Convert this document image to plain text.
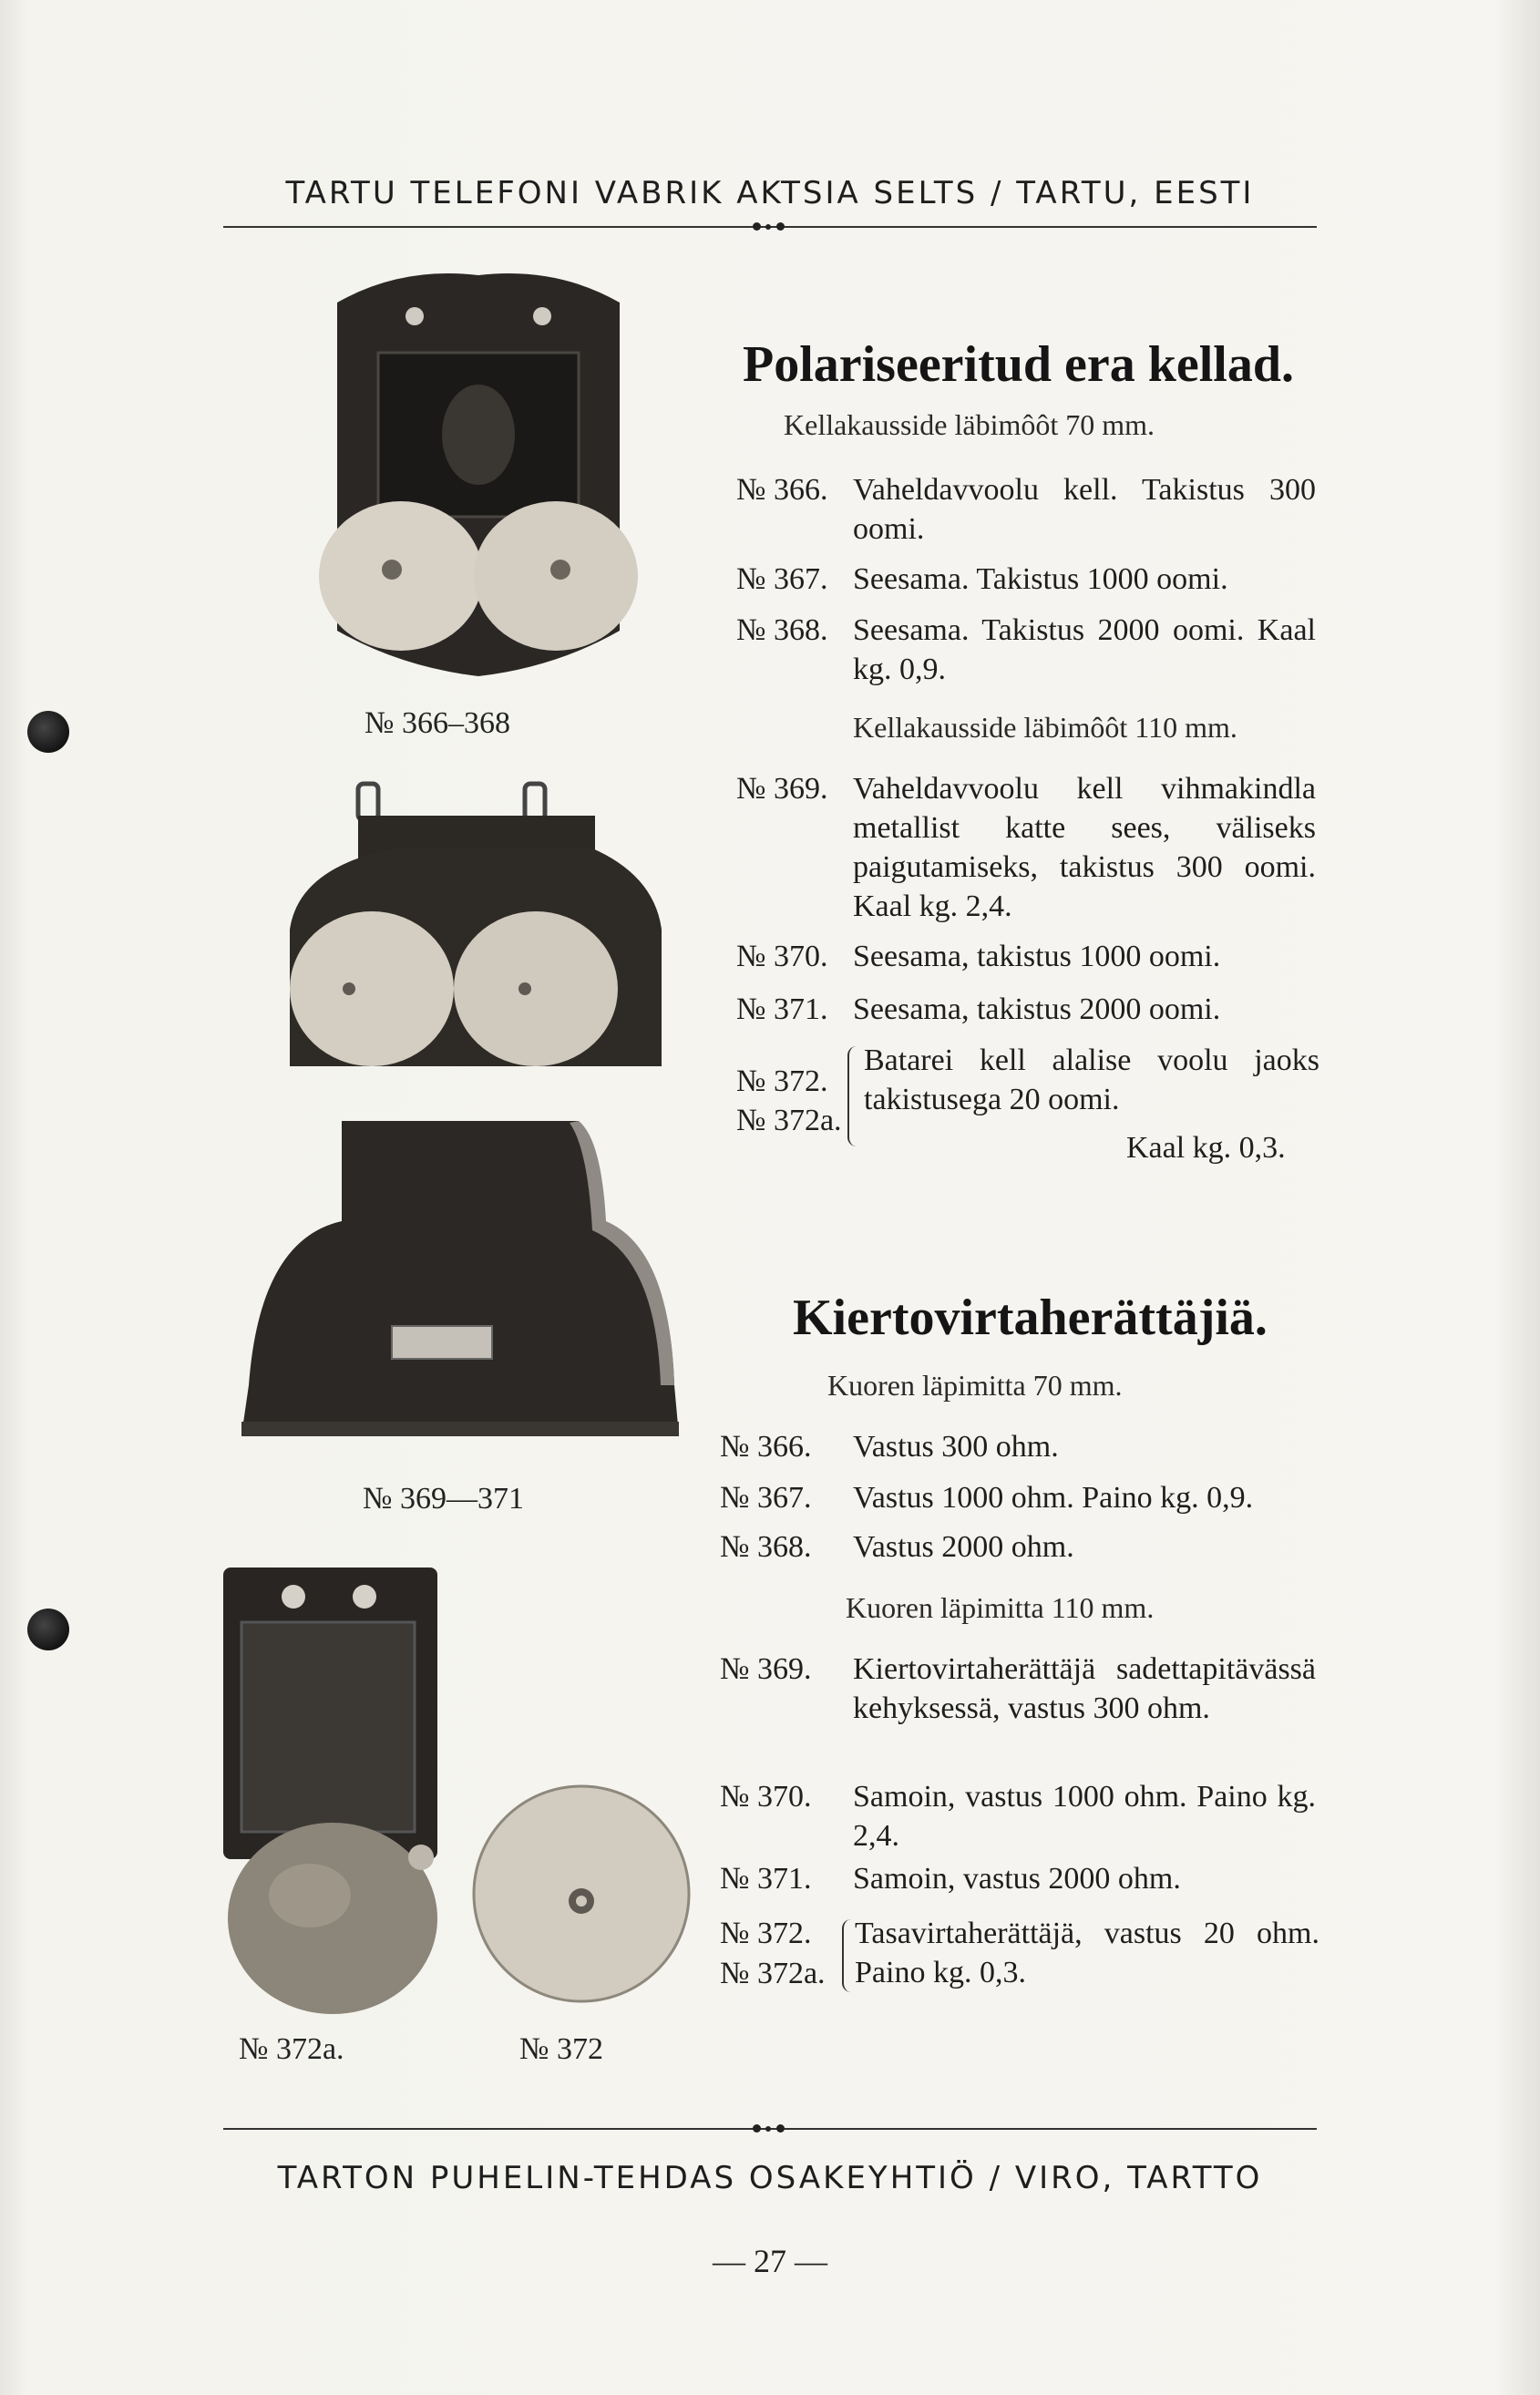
TARTU TELEFONI VABRIK AKTSIA SELTS / TARTU, EESTI
№ 366–368
№ 369—371
№ 372a.	№ 372
Polariseeritud era kellad.
Kellakausside läbimôôt 70 mm.
№ 366. Vaheldavvoolu kell. Takistus 300 oomi.
№ 367. Seesama. Takistus 1000 oomi.
№ 368. Seesama. Takistus 2000 oomi. Kaal kg. 0,9.
Kellakausside läbimôôt 110 mm.
№ 369. Vaheldavvoolu kell vihmakindla metallist katte sees, väliseks paigutamiseks, takistus 300 oomi. Kaal kg. 2,4.
№ 370. Seesama, takistus 1000 oomi.
№ 371. Seesama, takistus 2000 oomi.
№ 372.
№ 372a.
Batarei kell alalise voolu jaoks takistusega 20 oomi.
Kaal kg. 0,3.
Kiertovirtaherättäjiä.
Kuoren läpimitta 70 mm.
№ 366. Vastus 300 ohm.
№ 367. Vastus 1000 ohm. Paino kg. 0,9.
№ 368. Vastus 2000 ohm.
Kuoren läpimitta 110 mm.
№ 369. Kiertovirtaherättäjä sadettapitävässä kehyksessä, vastus 300 ohm.
№ 370. Samoin, vastus 1000 ohm. Paino kg. 2,4.
№ 371. Samoin, vastus 2000 ohm.
№ 372.
№ 372a.
Tasavirtaherättäjä, vastus 20 ohm. Paino kg. 0,3.
TARTON PUHELIN-TEHDAS OSAKEYHTIÖ / VIRO, TARTTO
— 27 —
